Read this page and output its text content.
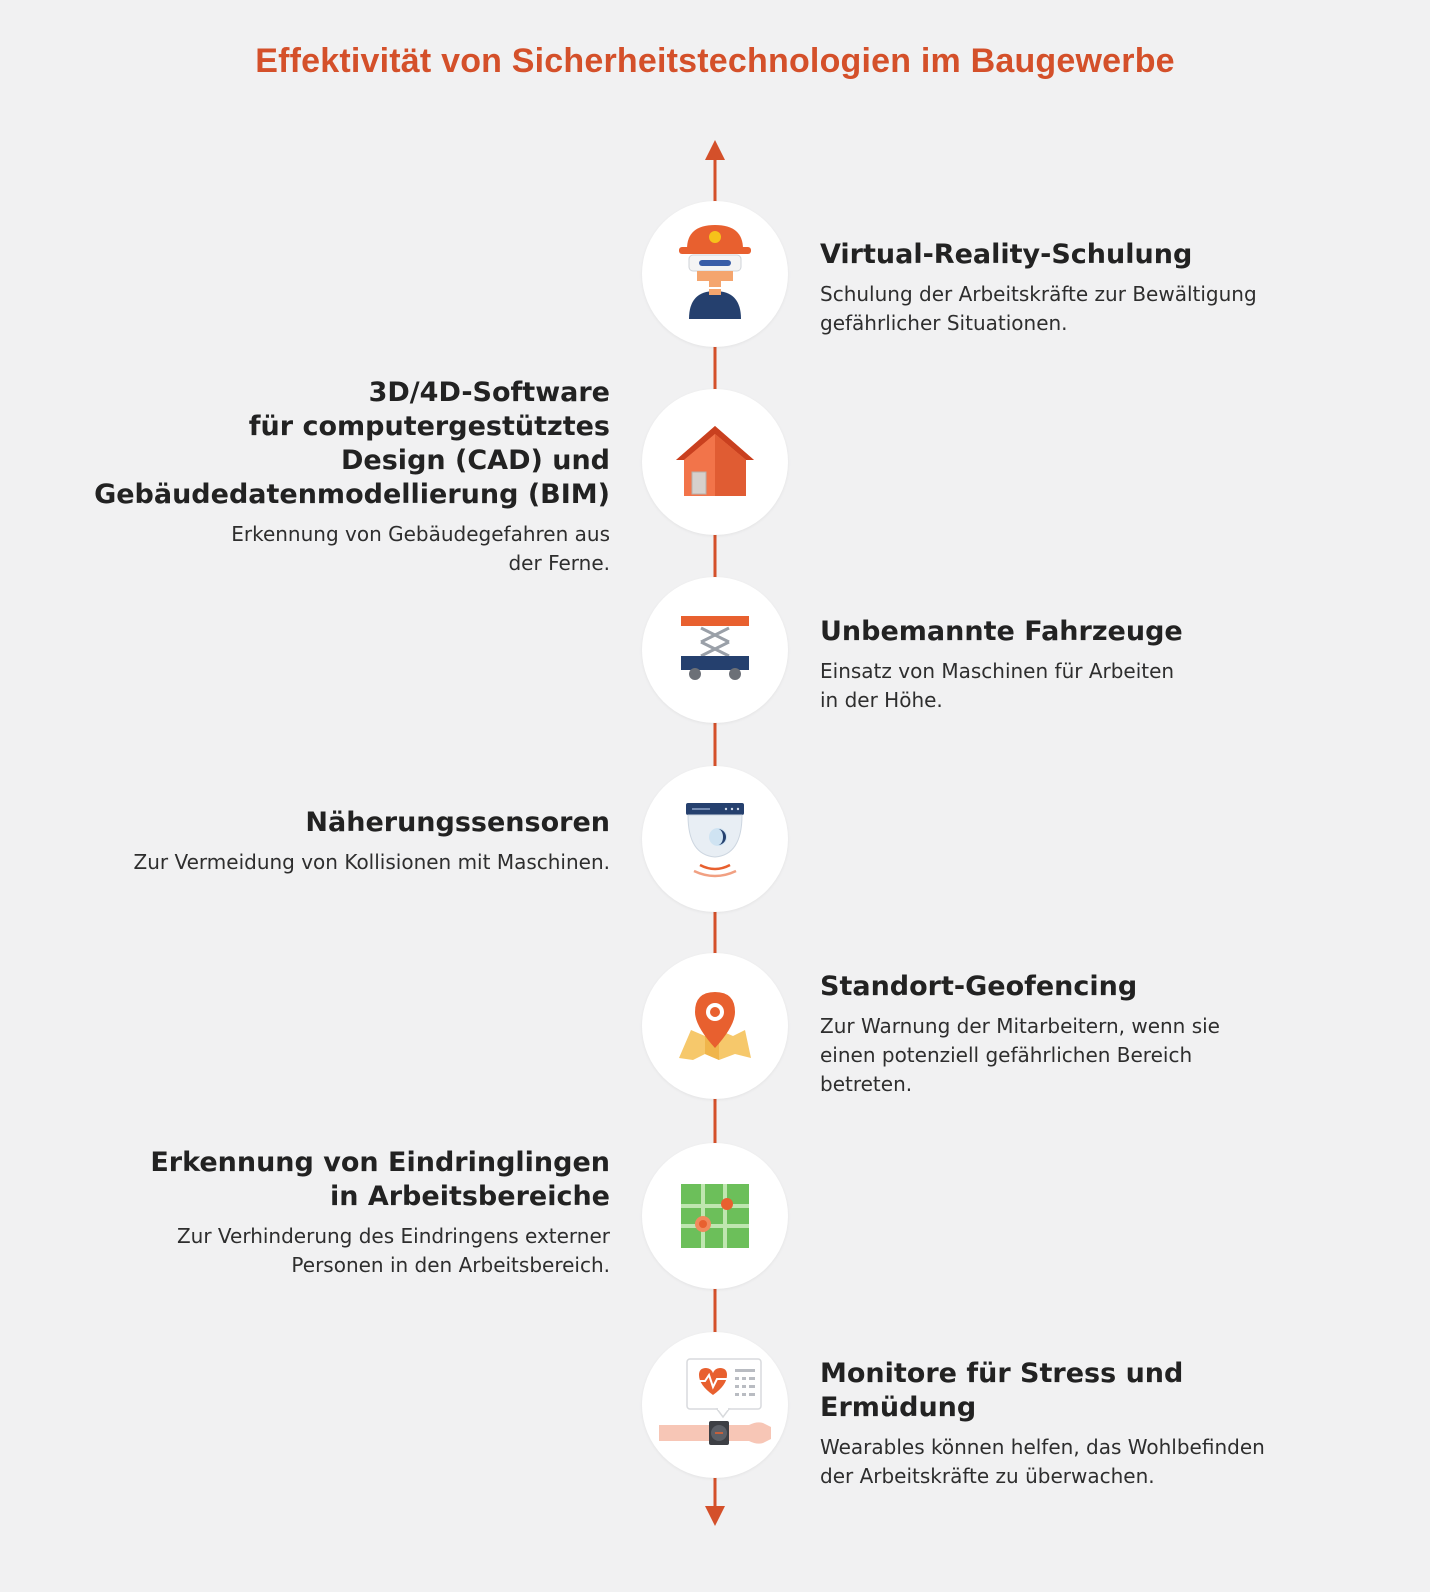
Effektivität von Sicherheitstechnologien im Baugewerbe
Virtual-Reality-Schulung

Schulung der Arbeitskräfte zur Bewältigung
gefährlicher Situationen.

3D/4D-Software
für computergestütztes
Design (CAD) und
Gebäudedatenmodellierung (BIM)

Erkennung von Gebäudegefahren aus
der Ferne.

Unbemannte Fahrzeuge

Einsatz von Maschinen für Arbeiten
in der Höhe.

Näherungssensoren

Zur Vermeidung von Kollisionen mit Maschinen.

Standort-Geofencing

Zur Warnung der Mitarbeitern, wenn sie
einen potenziell gefährlichen Bereich
betreten.

Erkennung von Eindringlingen
in Arbeitsbereiche

Zur Verhinderung des Eindringens externer
Personen in den Arbeitsbereich.

Monitore für Stress und Ermüdung

Wearables können helfen, das Wohlbefinden
der Arbeitskräfte zu überwachen.
